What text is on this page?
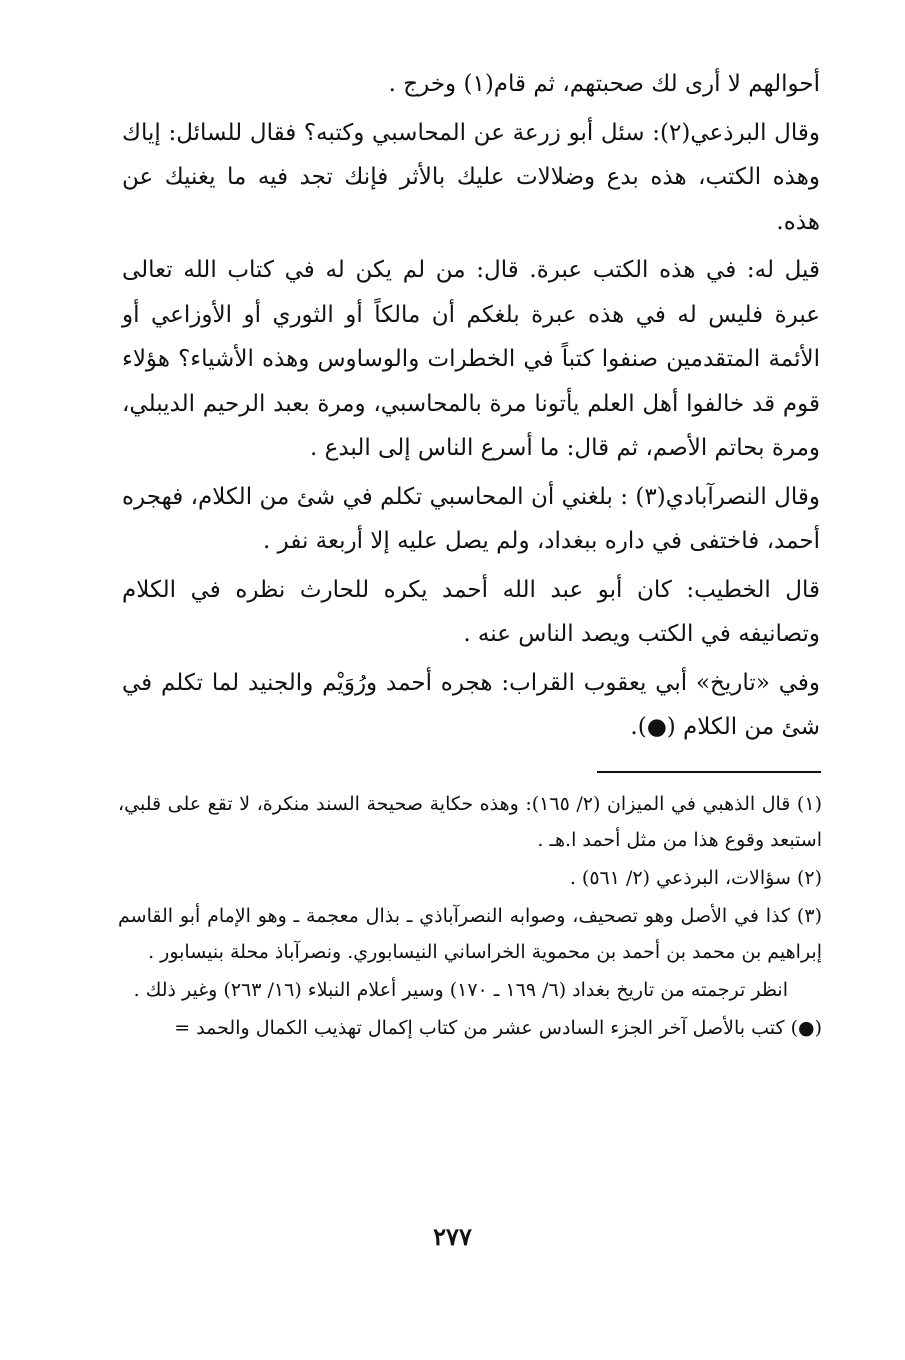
أحوالهم لا أرى لك صحبتهم، ثم قام(١) وخرج .

وقال البرذعي(٢): سئل أبو زرعة عن المحاسبي وكتبه؟ فقال للسائل: إياك وهذه الكتب، هذه بدع وضلالات عليك بالأثر فإنك تجد فيه ما يغنيك عن هذه.

قيل له: في هذه الكتب عبرة. قال: من لم يكن له في كتاب الله تعالى عبرة فليس له في هذه عبرة بلغكم أن مالكاً أو الثوري أو الأوزاعي أو الأئمة المتقدمين صنفوا كتباً في الخطرات والوساوس وهذه الأشياء؟ هؤلاء قوم قد خالفوا أهل العلم يأتونا مرة بالمحاسبي، ومرة بعبد الرحيم الديبلي، ومرة بحاتم الأصم، ثم قال: ما أسرع الناس إلى البدع .

وقال النصرآبادي(٣) : بلغني أن المحاسبي تكلم في شئ من الكلام، فهجره أحمد، فاختفى في داره ببغداد، ولم يصل عليه إلا أربعة نفر .

قال الخطيب: كان أبو عبد الله أحمد يكره للحارث نظره في الكلام وتصانيفه في الكتب ويصد الناس عنه .

وفي «تاريخ» أبي يعقوب القراب: هجره أحمد ورُوَيْم والجنيد لما تكلم في شئ من الكلام (●).

(١) قال الذهبي في الميزان (٢/ ١٦٥): وهذه حكاية صحيحة السند منكرة، لا تقع على قلبي، استبعد وقوع هذا من مثل أحمد ا.هـ .

(٢) سؤالات، البرذعي (٢/ ٥٦١) .

(٣) كذا في الأصل وهو تصحيف، وصوابه النصرآباذي ـ بذال معجمة ـ وهو الإمام أبو القاسم إبراهيم بن محمد بن أحمد بن محموية الخراساني النيسابوري. ونصرآباذ محلة بنيسابور .

انظر ترجمته من تاريخ بغداد (٦/ ١٦٩ ـ ١٧٠) وسير أعلام النبلاء (١٦/ ٢٦٣) وغير ذلك .

(●) كتب بالأصل آخر الجزء السادس عشر من كتاب إكمال تهذيب الكمال والحمد =

٢٧٧
